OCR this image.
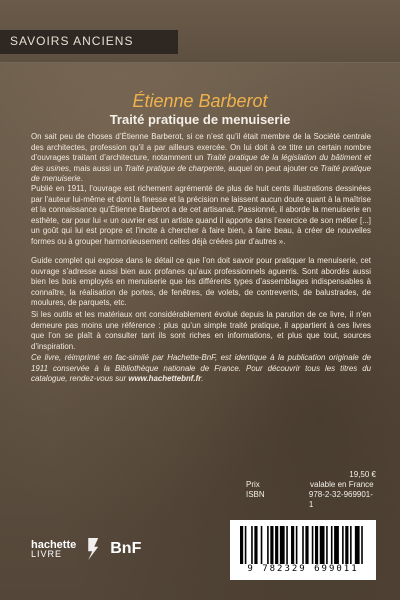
SAVOIRS ANCIENS
Étienne Barberot
Traité pratique de menuiserie
On sait peu de choses d’Étienne Barberot, si ce n’est qu’il était membre de la Société centrale des architectes, profession qu’il a par ailleurs exercée. On lui doit à ce titre un certain nombre d’ouvrages traitant d’architecture, notamment un Traité pratique de la législation du bâtiment et des usines, mais aussi un Traité pratique de charpente, auquel on peut ajouter ce Traité pratique de menuiserie.
Publié en 1911, l’ouvrage est richement agrémenté de plus de huit cents illustrations dessinées par l’auteur lui-même et dont la finesse et la précision ne laissent aucun doute quant à la maîtrise et la connaissance qu’Étienne Barberot a de cet artisanat. Passionné, il aborde la menuiserie en esthète, car pour lui « un ouvrier est un artiste quand il apporte dans l’exercice de son métier [...] un goût qui lui est propre et l’incite à chercher à faire bien, à faire beau, à créer de nouvelles formes ou à grouper harmonieusement celles déjà créées par d’autres ».
Guide complet qui expose dans le détail ce que l’on doit savoir pour pratiquer la menuiserie, cet ouvrage s’adresse aussi bien aux profanes qu’aux professionnels aguerris. Sont abordés aussi bien les bois employés en menuiserie que les différents types d’assemblages indispensables à connaître, la réalisation de portes, de fenêtres, de volets, de contrevents, de balustrades, de moulures, de parquets, etc.
Si les outils et les matériaux ont considérablement évolué depuis la parution de ce livre, il n’en demeure pas moins une référence : plus qu’un simple traité pratique, il appartient à ces livres que l’on se plaît à consulter tant ils sont riches en informations, et plus que tout, sources d’inspiration.
Ce livre, réimprimé en fac-similé par Hachette-BnF, est identique à la publication originale de 1911 conservée à la Bibliothèque nationale de France. Pour découvrir tous les titres du catalogue, rendez-vous sur www.hachettebnf.fr.
19,50 €
Prix	valable en France
ISBN	978-2-32-969901-1
hachette
LIVRE	BnF
9 782329 699011
